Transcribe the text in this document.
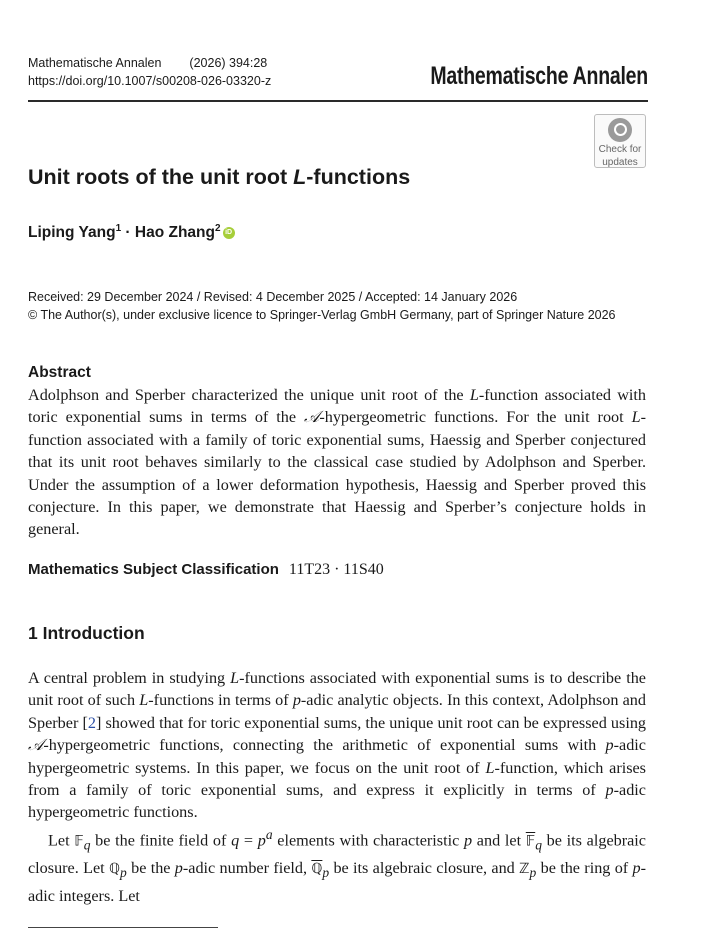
Mathematische Annalen (2026) 394:28
https://doi.org/10.1007/s00208-026-03320-z	Mathematische Annalen
Check for
updates
Unit roots of the unit root L-functions
Liping Yang$^1$ · Hao Zhang$^2$ iD
Received: 29 December 2024 / Revised: 4 December 2025 / Accepted: 14 January 2026
© The Author(s), under exclusive licence to Springer-Verlag GmbH Germany, part of Springer Nature 2026
Abstract
Adolphson and Sperber characterized the unique unit root of the L-function associated with toric exponential sums in terms of the 𝒜-hypergeometric functions. For the unit root L-function associated with a family of toric exponential sums, Haessig and Sperber conjectured that its unit root behaves similarly to the classical case studied by Adolphson and Sperber. Under the assumption of a lower deformation hypothesis, Haessig and Sperber proved this conjecture. In this paper, we demonstrate that Haessig and Sperber’s conjecture holds in general.
Mathematics Subject Classification 11T23 · 11S40
1 Introduction

A central problem in studying L-functions associated with exponential sums is to describe the unit root of such L-functions in terms of p-adic analytic objects. In this context, Adolphson and Sperber [2] showed that for toric exponential sums, the unique unit root can be expressed using 𝒜-hypergeometric functions, connecting the arithmetic of exponential sums with p-adic hypergeometric systems. In this paper, we focus on the unit root of L-function, which arises from a family of toric exponential sums, and express it explicitly in terms of p-adic hypergeometric functions.

Let 𝔽$_q$ be the finite field of $q = p^a$ elements with characteristic p and let 𝔽$_q$ be its algebraic closure. Let ℚ$_p$ be the p-adic number field, ℚ$_p$ be its algebraic closure, and ℤ$_p$ be the ring of p-adic integers. Let
